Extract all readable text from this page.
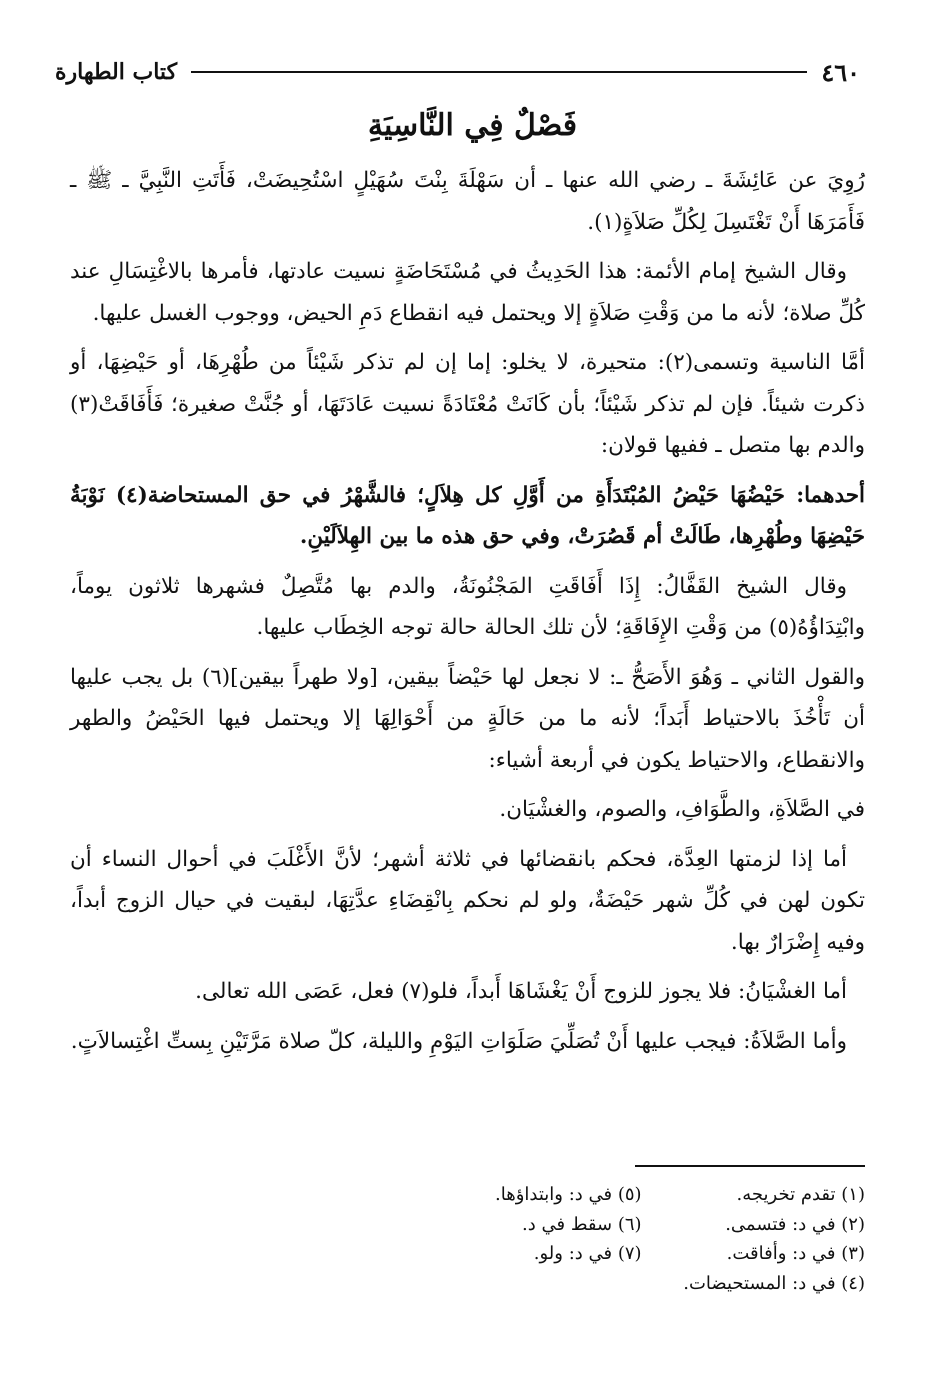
٤٦٠
كتاب الطهارة
فَصْلٌ فِي النَّاسِيَةِ

رُوِيَ عن عَائِشَةَ ـ رضي الله عنها ـ أن سَهْلَةَ بِنْتَ سُهَيْلٍ اسْتُحِيضَتْ، فَأَتَتِ النَّبِيَّ ـ ﷺ ـ فَأَمَرَهَا أَنْ تَغْتَسِلَ لِكُلِّ صَلاَةٍ(١).

وقال الشيخ إمام الأئمة: هذا الحَدِيثُ في مُسْتَحَاضَةٍ نسيت عادتها، فأمرها بالاغْتِسَالِ عند كُلِّ صلاة؛ لأنه ما من وَقْتِ صَلاَةٍ إلا ويحتمل فيه انقطاع دَمِ الحيض، ووجوب الغسل عليها.

أمَّا الناسية وتسمى(٢): متحيرة، لا يخلو: إما إن لم تذكر شَيْئاً من طُهْرِهَا، أو حَيْضِهَا، أو ذكرت شيئاً. فإن لم تذكر شَيْئاً؛ بأن كَانَتْ مُعْتَادَةً نسيت عَادَتَهَا، أو جُنَّتْ صغيرة؛ فَأَفَاقَتْ(٣) والدم بها متصل ـ ففيها قولان:

أحدهما: حَيْضُهَا حَيْضُ المُبْتَدَأَةِ من أَوَّلِ كل هِلاَلٍ؛ فالشَّهْرُ في حق المستحاضة(٤) نَوْبَةُ حَيْضِهَا وطُهْرِها، طَالَتْ أم قَصُرَتْ، وفي حق هذه ما بين الهِلاَلَيْنِ.

وقال الشيخ القَفَّالُ: إِذَا أَفَاقَتِ المَجْنُونَةُ، والدم بها مُتَّصِلٌ فشهرها ثلاثون يوماً، وابْتِدَاؤُهُ(٥) من وَقْتِ الإِفَاقَةِ؛ لأن تلك الحالة حالة توجه الخِطَاب عليها.

والقول الثاني ـ وَهُوَ الأَصَحُّ ـ: لا نجعل لها حَيْضاً بيقين، [ولا طهراً بيقين](٦) بل يجب عليها أن تَأْخُذَ بالاحتياط أَبَداً؛ لأنه ما من حَالَةٍ من أَحْوَالِهَا إلا ويحتمل فيها الحَيْضُ والطهر والانقطاع، والاحتياط يكون في أربعة أشياء:

في الصَّلاَةِ، والطَّوَافِ، والصوم، والغشْيَان.

أما إذا لزمتها العِدَّة، فحكم بانقضائها في ثلاثة أشهر؛ لأنَّ الأَغْلَبَ في أحوال النساء أن تكون لهن في كُلِّ شهر حَيْضَةٌ، ولو لم نحكم بِانْقِضَاءِ عدَّتِهَا، لبقيت في حيال الزوج أبداً، وفيه إِضْرَارٌ بها.

أما الغشْيَانُ: فلا يجوز للزوج أَنْ يَغْشَاهَا أَبداً، فلو(٧) فعل، عَصَى الله تعالى.

وأما الصَّلاَةُ: فيجب عليها أَنْ تُصَلِّيَ صَلَوَاتِ اليَوْمِ والليلة، كلّ صلاة مَرَّتَيْنِ بِستِّ اغْتِسالاَتٍ.

(١) تقدم تخريجه.
(٢) في د: فتسمى.
(٣) في د: وأفاقت.
(٤) في د: المستحيضات.
(٥) في د: وابتداؤها.
(٦) سقط في د.
(٧) في د: ولو.
